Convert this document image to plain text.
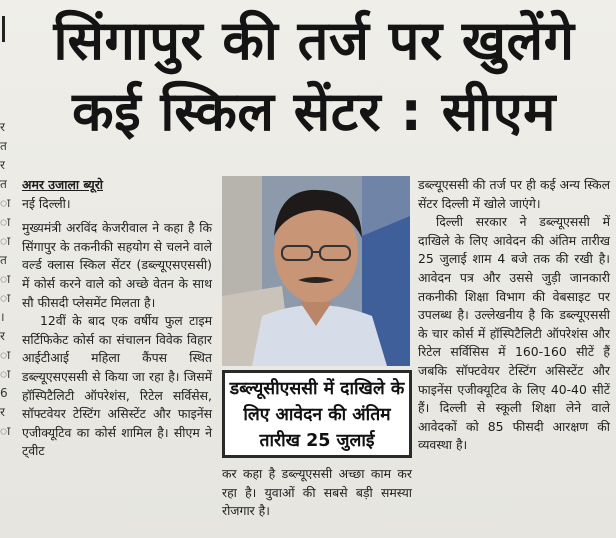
र
त
र
त
ा
ा
ा
त
ा
ा
।
र
ा
ा
6
र
ा
सिंगापुर की तर्ज पर खुलेंगे
कई स्किल सेंटर : सीएम
अमर उजाला ब्यूरो
नई दिल्ली।

मुख्यमंत्री अरविंद केजरीवाल ने कहा है कि सिंगापुर के तकनीकी सहयोग से चलने वाले वर्ल्ड क्लास स्किल सेंटर (डब्ल्यूएसएससी) में कोर्स करने वाले को अच्छे वेतन के साथ सौ फीसदी प्लेसमेंट मिलता है।

12वीं के बाद एक वर्षीय फुल टाइम सर्टिफिकेट कोर्स का संचालन विवेक विहार आईटीआई महिला कैंपस स्थित डब्ल्यूएसएससी से किया जा रहा है। जिसमें हॉस्पिटैलिटी ऑपरेशंस, रिटेल सर्विसेस, सॉफ्टवेयर टेस्टिंग असिस्टेंट और फाइनेंस एजीक्यूटिव का कोर्स शामिल है। सीएम ने ट्वीट

डब्ल्यूसीएससी में दाखिले के लिए आवेदन की अंतिम तारीख 25 जुलाई
कर कहा है डब्ल्यूएससी अच्छा काम कर रहा है। युवाओं की सबसे बड़ी समस्या रोजगार है।

डब्ल्यूएससी की तर्ज पर ही कई अन्य स्किल सेंटर दिल्ली में खोले जाएंगे।

दिल्ली सरकार ने डब्ल्यूएससी में दाखिले के लिए आवेदन की अंतिम तारीख 25 जुलाई शाम 4 बजे तक की रखी है। आवेदन पत्र और उससे जुड़ी जानकारी तकनीकी शिक्षा विभाग की वेबसाइट पर उपलब्ध है। उल्लेखनीय है कि डब्ल्यूएससी के चार कोर्स में हॉस्पिटैलिटी ऑपरेशंस और रिटेल सर्विसिस में 160-160 सीटें हैं जबकि सॉफ्टवेयर टेस्टिंग असिस्टेंट और फाइनेंस एजीक्यूटिव के लिए 40-40 सीटें हैं। दिल्ली से स्कूली शिक्षा लेने वाले आवेदकों को 85 फीसदी आरक्षण की व्यवस्था है।
